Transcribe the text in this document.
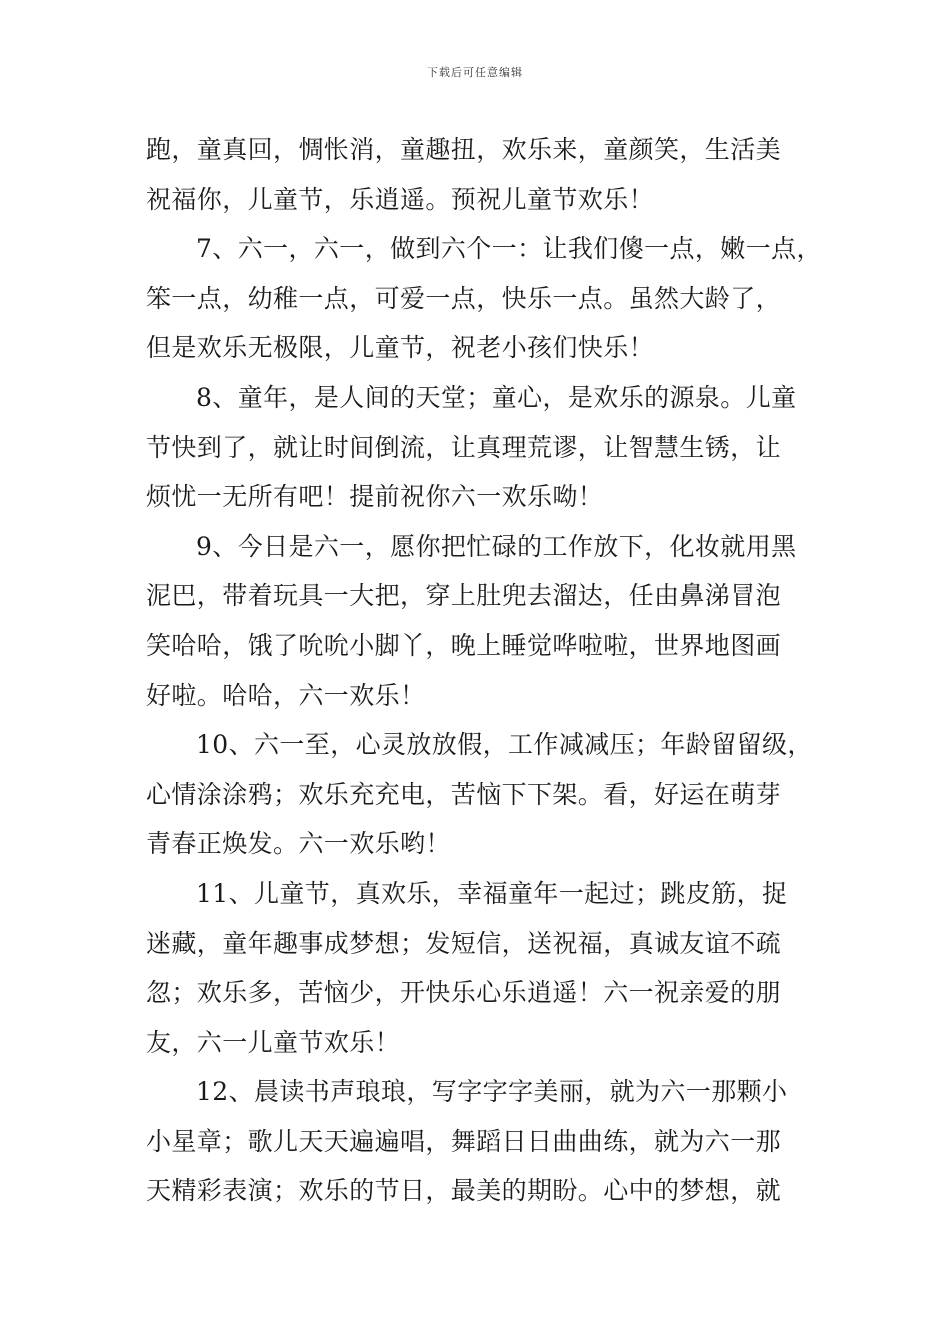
下载后可任意编辑
跑，童真回，惆怅消，童趣扭，欢乐来，童颜笑，生活美
祝福你，儿童节，乐逍遥。预祝儿童节欢乐！
7、六一，六一，做到六个一：让我们傻一点，嫩一点，
笨一点，幼稚一点，可爱一点，快乐一点。虽然大龄了，
但是欢乐无极限，儿童节，祝老小孩们快乐！
8、童年，是人间的天堂；童心，是欢乐的源泉。儿童
节快到了，就让时间倒流，让真理荒谬，让智慧生锈，让
烦忧一无所有吧！提前祝你六一欢乐呦！
9、今日是六一，愿你把忙碌的工作放下，化妆就用黑
泥巴，带着玩具一大把，穿上肚兜去溜达，任由鼻涕冒泡
笑哈哈，饿了吮吮小脚丫，晚上睡觉哗啦啦，世界地图画
好啦。哈哈，六一欢乐！
10、六一至，心灵放放假，工作减减压；年龄留留级，
心情涂涂鸦；欢乐充充电，苦恼下下架。看，好运在萌芽
青春正焕发。六一欢乐哟！
11、儿童节，真欢乐，幸福童年一起过；跳皮筋，捉
迷藏，童年趣事成梦想；发短信，送祝福，真诚友谊不疏
忽；欢乐多，苦恼少，开快乐心乐逍遥！六一祝亲爱的朋
友，六一儿童节欢乐！
12、晨读书声琅琅，写字字字美丽，就为六一那颗小
小星章；歌儿天天遍遍唱，舞蹈日日曲曲练，就为六一那
天精彩表演；欢乐的节日，最美的期盼。心中的梦想，就
